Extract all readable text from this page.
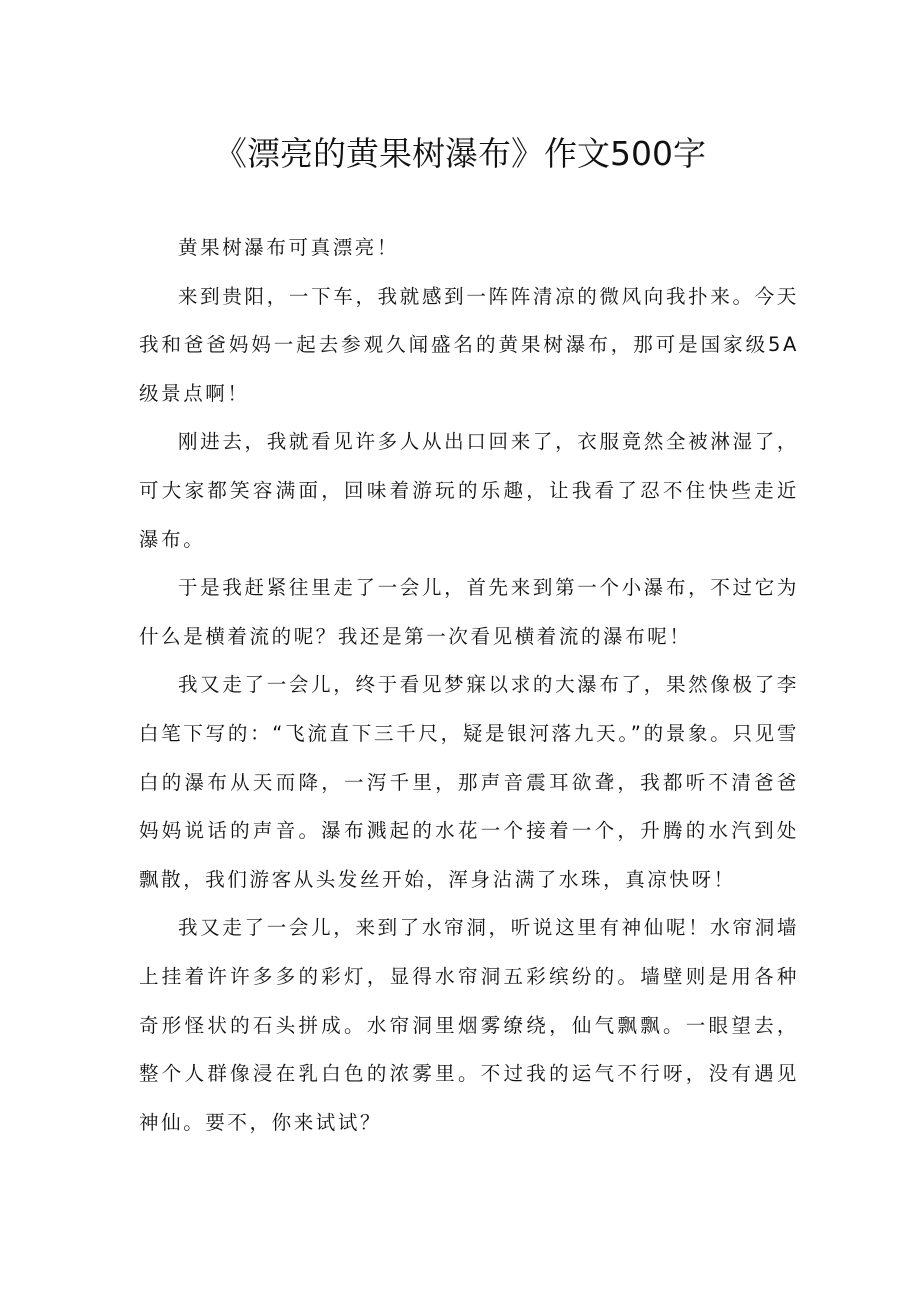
《漂亮的黄果树瀑布》作文500字

黄果树瀑布可真漂亮！

来到贵阳，一下车，我就感到一阵阵清凉的微风向我扑来。今天我和爸爸妈妈一起去参观久闻盛名的黄果树瀑布，那可是国家级5A级景点啊！

刚进去，我就看见许多人从出口回来了，衣服竟然全被淋湿了，可大家都笑容满面，回味着游玩的乐趣，让我看了忍不住快些走近瀑布。

于是我赶紧往里走了一会儿，首先来到第一个小瀑布，不过它为什么是横着流的呢？我还是第一次看见横着流的瀑布呢！

我又走了一会儿，终于看见梦寐以求的大瀑布了，果然像极了李白笔下写的：“飞流直下三千尺，疑是银河落九天。”的景象。只见雪白的瀑布从天而降，一泻千里，那声音震耳欲聋，我都听不清爸爸妈妈说话的声音。瀑布溅起的水花一个接着一个，升腾的水汽到处飘散，我们游客从头发丝开始，浑身沾满了水珠，真凉快呀！

我又走了一会儿，来到了水帘洞，听说这里有神仙呢！水帘洞墙上挂着许许多多的彩灯，显得水帘洞五彩缤纷的。墙壁则是用各种奇形怪状的石头拼成。水帘洞里烟雾缭绕，仙气飘飘。一眼望去，整个人群像浸在乳白色的浓雾里。不过我的运气不行呀，没有遇见神仙。要不，你来试试？
